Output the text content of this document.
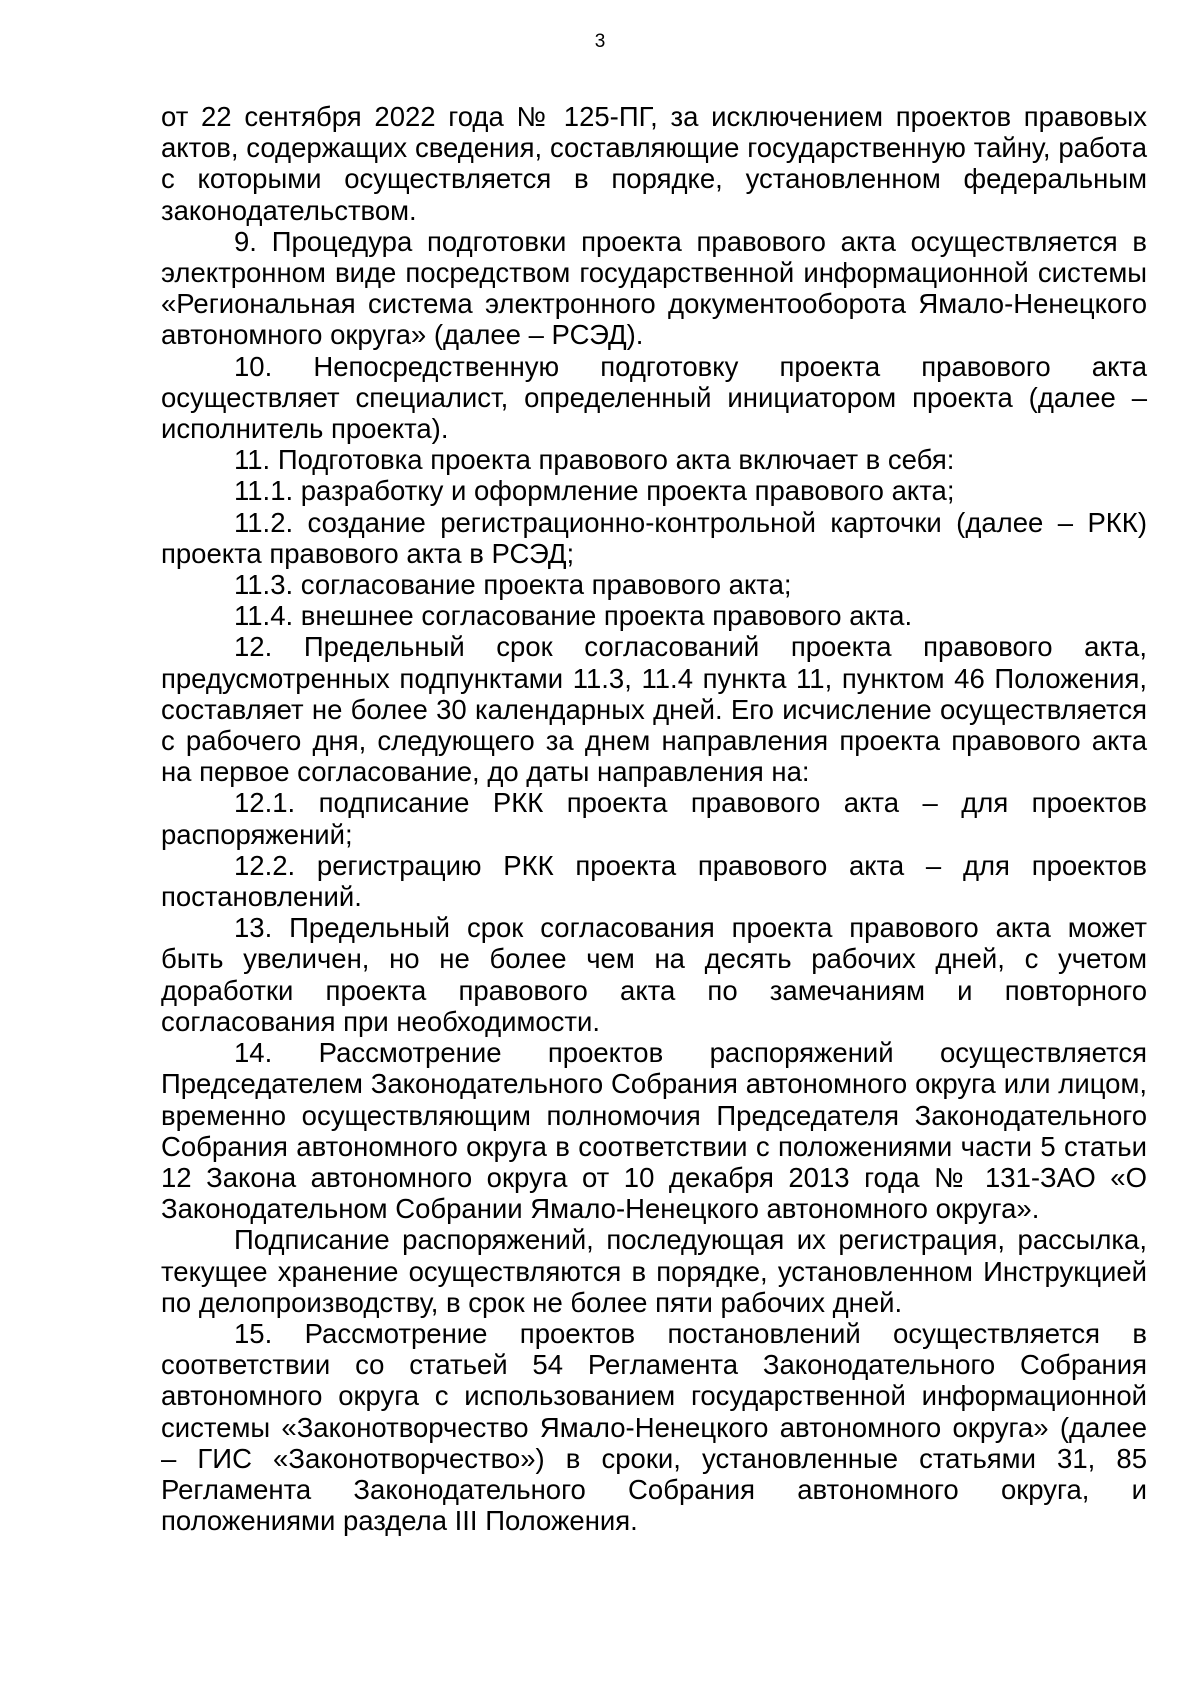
3

от 22 сентября 2022 года № 125-ПГ, за исключением проектов правовых актов, содержащих сведения, составляющие государственную тайну, работа с которыми осуществляется в порядке, установленном федеральным законодательством.

9. Процедура подготовки проекта правового акта осуществляется в электронном виде посредством государственной информационной системы «Региональная система электронного документооборота Ямало-Ненецкого автономного округа» (далее – РСЭД).

10. Непосредственную подготовку проекта правового акта осуществляет специалист, определенный инициатором проекта (далее – исполнитель проекта).

11. Подготовка проекта правового акта включает в себя:

11.1. разработку и оформление проекта правового акта;

11.2. создание регистрационно-контрольной карточки (далее – РКК) проекта правового акта в РСЭД;

11.3. согласование проекта правового акта;

11.4. внешнее согласование проекта правового акта.

12. Предельный срок согласований проекта правового акта, предусмотренных подпунктами 11.3, 11.4 пункта 11, пунктом 46 Положения, составляет не более 30 календарных дней. Его исчисление осуществляется с рабочего дня, следующего за днем направления проекта правового акта на первое согласование, до даты направления на:

12.1. подписание РКК проекта правового акта – для проектов распоряжений;

12.2. регистрацию РКК проекта правового акта – для проектов постановлений.

13. Предельный срок согласования проекта правового акта может быть увеличен, но не более чем на десять рабочих дней, с учетом доработки проекта правового акта по замечаниям и повторного согласования при необходимости.

14. Рассмотрение проектов распоряжений осуществляется Председателем Законодательного Собрания автономного округа или лицом, временно осуществляющим полномочия Председателя Законодательного Собрания автономного округа в соответствии с положениями части 5 статьи 12 Закона автономного округа от 10 декабря 2013 года № 131-ЗАО «О Законодательном Собрании Ямало-Ненецкого автономного округа».

Подписание распоряжений, последующая их регистрация, рассылка, текущее хранение осуществляются в порядке, установленном Инструкцией по делопроизводству, в срок не более пяти рабочих дней.

15. Рассмотрение проектов постановлений осуществляется в соответствии со статьей 54 Регламента Законодательного Собрания автономного округа с использованием государственной информационной системы «Законотворчество Ямало-Ненецкого автономного округа» (далее – ГИС «Законотворчество») в сроки, установленные статьями 31, 85 Регламента Законодательного Собрания автономного округа, и положениями раздела III Положения.
